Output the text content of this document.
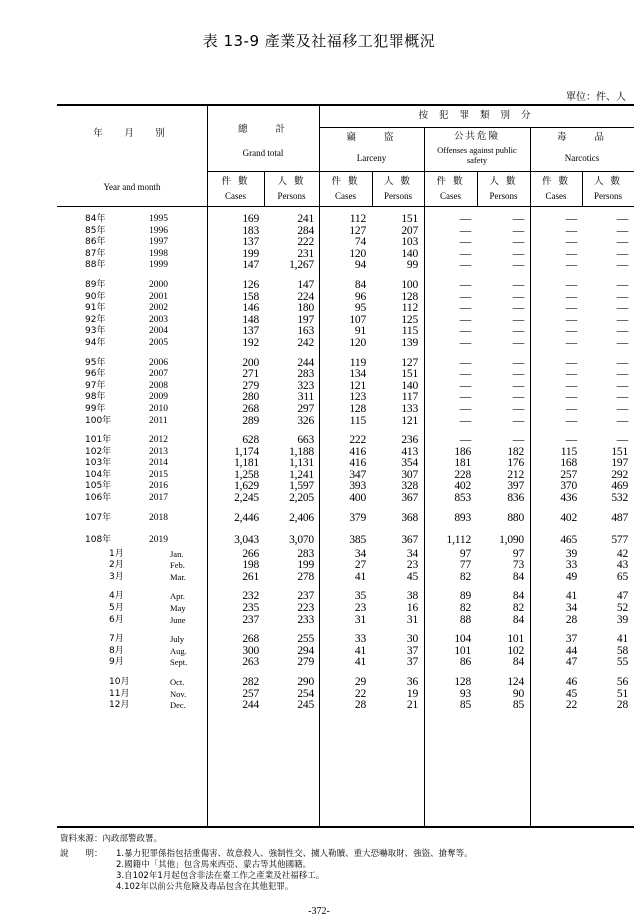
表 13-9 產業及社福移工犯罪概況
單位：件、人
年　月　別
Year and month
總　　計
Grand total
按 犯 罪 類 別 分
竊　　盜
Larceny
公共危險
Offenses against public safety
毒　　品
Narcotics
件 數
Cases
人 數
Persons
件 數
Cases
人 數
Persons
件 數
Cases
人 數
Persons
件 數
Cases
人 數
Persons
84年	1995	169	241	112	151	—	—	—	—
85年	1996	183	284	127	207	—	—	—	—
86年	1997	137	222	74	103	—	—	—	—
87年	1998	199	231	120	140	—	—	—	—
88年	1999	147	1,267	94	99	—	—	—	—
89年	2000	126	147	84	100	—	—	—	—
90年	2001	158	224	96	128	—	—	—	—
91年	2002	146	180	95	112	—	—	—	—
92年	2003	148	197	107	125	—	—	—	—
93年	2004	137	163	91	115	—	—	—	—
94年	2005	192	242	120	139	—	—	—	—
95年	2006	200	244	119	127	—	—	—	—
96年	2007	271	283	134	151	—	—	—	—
97年	2008	279	323	121	140	—	—	—	—
98年	2009	280	311	123	117	—	—	—	—
99年	2010	268	297	128	133	—	—	—	—
100年	2011	289	326	115	121	—	—	—	—
101年	2012	628	663	222	236	—	—	—	—
102年	2013	1,174	1,188	416	413	186	182	115	151
103年	2014	1,181	1,131	416	354	181	176	168	197
104年	2015	1,258	1,241	347	307	228	212	257	292
105年	2016	1,629	1,597	393	328	402	397	370	469
106年	2017	2,245	2,205	400	367	853	836	436	532
107年	2018	2,446	2,406	379	368	893	880	402	487
108年	2019	3,043	3,070	385	367	1,112	1,090	465	577
1月	Jan.	266	283	34	34	97	97	39	42
2月	Feb.	198	199	27	23	77	73	33	43
3月	Mar.	261	278	41	45	82	84	49	65
4月	Apr.	232	237	35	38	89	84	41	47
5月	May	235	223	23	16	82	82	34	52
6月	June	237	233	31	31	88	84	28	39
7月	July	268	255	33	30	104	101	37	41
8月	Aug.	300	294	41	37	101	102	44	58
9月	Sept.	263	279	41	37	86	84	47	55
10月	Oct.	282	290	29	36	128	124	46	56
11月	Nov.	257	254	22	19	93	90	45	51
12月	Dec.	244	245	28	21	85	85	22	28
資料來源：內政部警政署。
說　　明： 1.暴力犯罪係指包括重傷害、故意殺人、強制性交、擄人勒贖、重大恐嚇取財、強盜、搶奪等。
2.國籍中「其他」包含馬來西亞、蒙古等其他國籍。
3.自102年1月起包含非法在臺工作之產業及社福移工。
4.102年以前公共危險及毒品包含在其他犯罪。
-372-
